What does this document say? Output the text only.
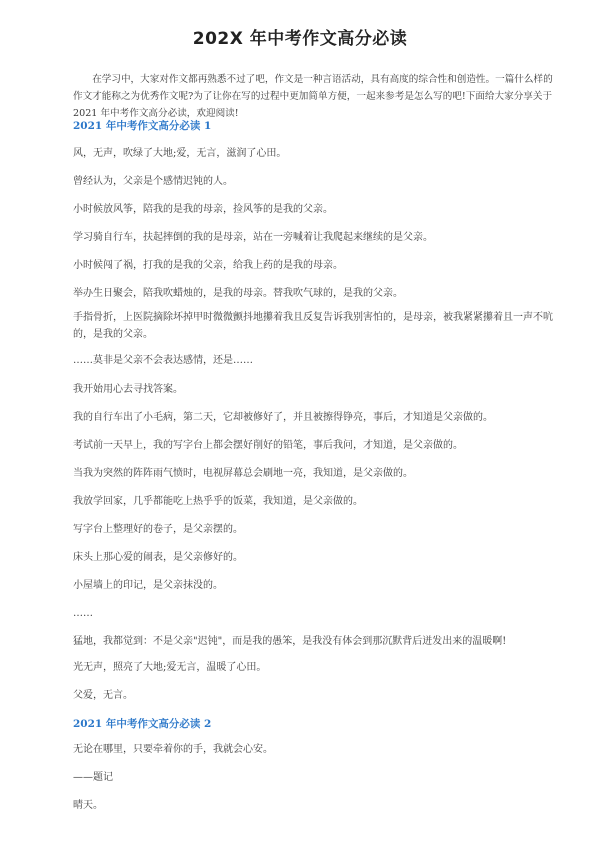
202X 年中考作文高分必读
在学习中，大家对作文都再熟悉不过了吧，作文是一种言语活动，具有高度的综合性和创造性。一篇什么样的作文才能称之为优秀作文呢?为了让你在写的过程中更加简单方便，一起来参考是怎么写的吧!下面给大家分享关于 2021 年中考作文高分必读，欢迎阅读!
2021 年中考作文高分必读 1
风，无声，吹绿了大地;爱，无言，滋润了心田。
曾经认为，父亲是个感情迟钝的人。
小时候放风筝，陪我的是我的母亲，捡风筝的是我的父亲。
学习骑自行车，扶起摔倒的我的是母亲，站在一旁喊着让我爬起来继续的是父亲。
小时候闯了祸，打我的是我的父亲，给我上药的是我的母亲。
举办生日聚会，陪我吹蜡烛的，是我的母亲。替我吹气球的，是我的父亲。
手指骨折，上医院摘除坏掉甲时微微颤抖地攥着我且反复告诉我别害怕的，是母亲，被我紧紧攥着且一声不吭的，是我的父亲。
……莫非是父亲不会表达感情，还是……
我开始用心去寻找答案。
我的自行车出了小毛病，第二天，它却被修好了，并且被擦得铮亮，事后，才知道是父亲做的。
考试前一天早上，我的写字台上都会摆好削好的铅笔，事后我问，才知道，是父亲做的。
当我为突然的阵阵雨气愤时，电视屏幕总会刷地一亮，我知道，是父亲做的。
我放学回家，几乎都能吃上热乎乎的饭菜，我知道，是父亲做的。
写字台上整理好的卷子，是父亲摆的。
床头上那心爱的闹表，是父亲修好的。
小屋墙上的印记，是父亲抹没的。
……
猛地，我都觉到：不是父亲"迟钝"，而是我的愚笨，是我没有体会到那沉默背后迸发出来的温暖啊!
光无声，照亮了大地;爱无言，温暖了心田。
父爱，无言。
2021 年中考作文高分必读 2
无论在哪里，只要牵着你的手，我就会心安。
——题记
晴天。
